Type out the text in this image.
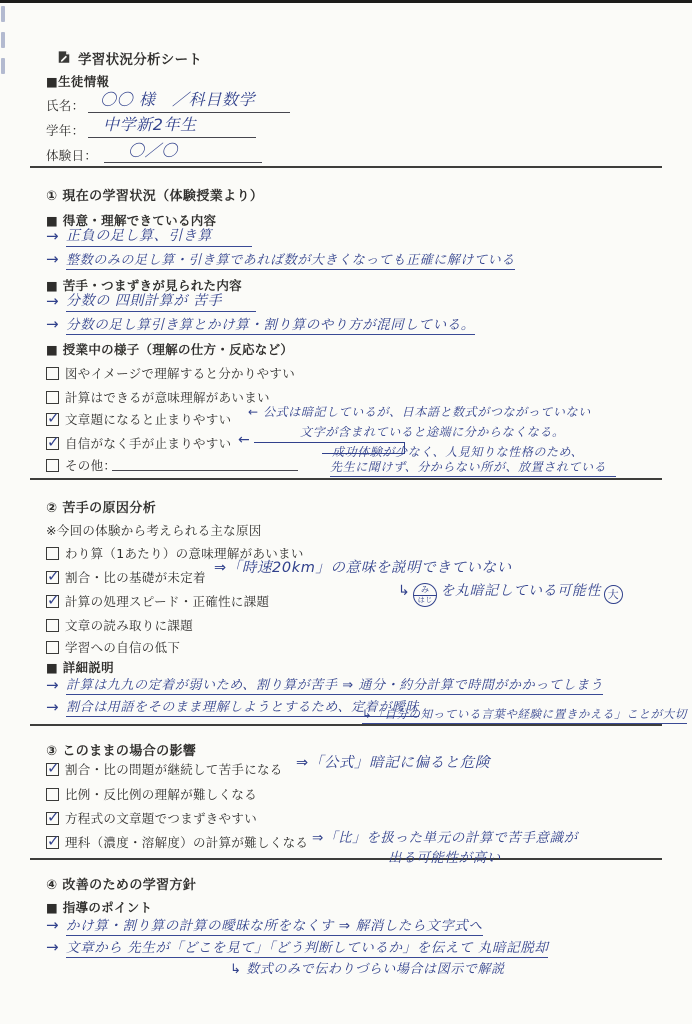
学習状況分析シート
■生徒情報
氏名： 〇〇 様　／科目数学
学年： 中学新2年生
体験日： 〇／〇
① 現在の学習状況（体験授業より）
■ 得意・理解できている内容
→ 正負の足し算、引き算
→ 整数のみの足し算・引き算であれば数が大きくなっても正確に解けている
■ 苦手・つまずきが見られた内容
→ 分数の 四則計算が 苦手
→ 分数の足し算引き算とかけ算・割り算のやり方が混同している。
■ 授業中の様子（理解の仕方・反応など）
図やイメージで理解すると分かりやすい
計算はできるが意味理解があいまい
✓ 文章題になると止まりやすい ← 公式は暗記しているが、日本語と数式がつながっていない
文字が含まれていると途端に分からなくなる。
✓ 自信がなく手が止まりやすい ←
成功体験が少なく、人見知りな性格のため、
その他：	先生に聞けず、分からない所が、放置されている
② 苦手の原因分析
※今回の体験から考えられる主な原因
わり算（1あたり）の意味理解があいまい
✓ 割合・比の基礎が未定着
⇒「時速20km」の意味を説明できていない
✓ 計算の処理スピード・正確性に課題
↳	み
はじ
を丸暗記している可能性 大
文章の読み取りに課題
学習への自信の低下
■ 詳細説明
→ 計算は九九の定着が弱いため、割り算が苦手 ⇒ 通分・約分計算で時間がかかってしまう
→ 割合は用語をそのまま理解しようとするため、定着が曖昧
↳「自分の知っている言葉や経験に置きかえる」ことが大切
③ このままの場合の影響
✓ 割合・比の問題が継続して苦手になる ⇒「公式」暗記に偏ると危険
比例・反比例の理解が難しくなる
✓ 方程式の文章題でつまずきやすい
✓ 理科（濃度・溶解度）の計算が難しくなる ⇒「比」を扱った単元の計算で苦手意識が
出る可能性が高い
④ 改善のための学習方針
■ 指導のポイント
→ かけ算・割り算の計算の曖昧な所をなくす ⇒ 解消したら文字式へ
→ 文章から 先生が「どこを見て」「どう判断しているか」を伝えて 丸暗記脱却
↳ 数式のみで伝わりづらい場合は図示で解説
